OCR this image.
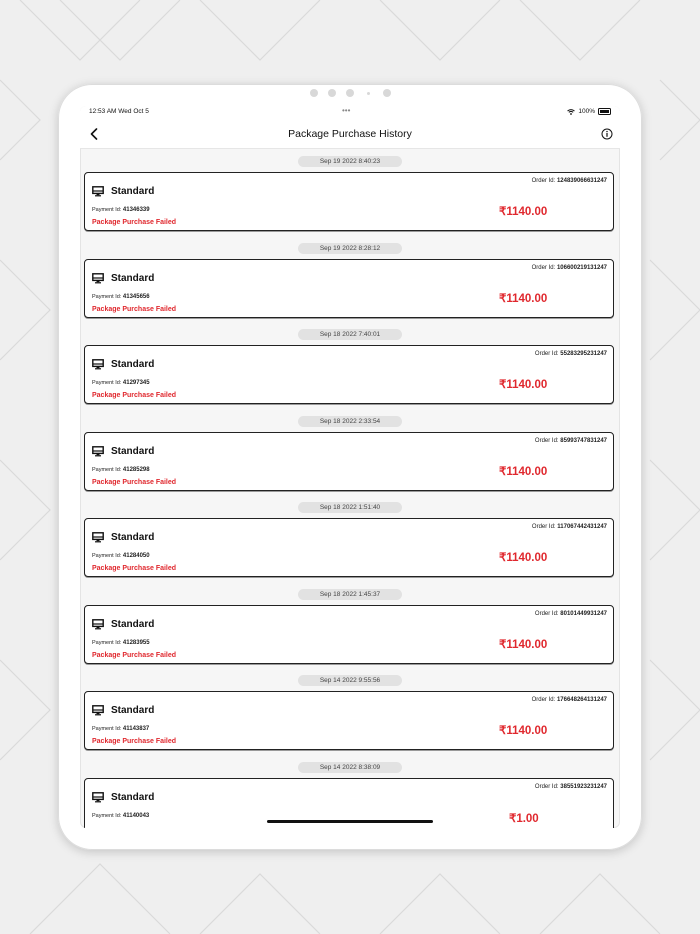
12:53 AM Wed Oct 5	•••	100%
Package Purchase History
Sep 19 2022 8:40:23
Standard
Order Id: 124839066631247
Payment Id: 41346339
Package Purchase Failed
₹1140.00
Sep 19 2022 8:28:12
Standard
Order Id: 106600219131247
Payment Id: 41345656
Package Purchase Failed
₹1140.00
Sep 18 2022 7:40:01
Standard
Order Id: 55283295231247
Payment Id: 41297345
Package Purchase Failed
₹1140.00
Sep 18 2022 2:33:54
Standard
Order Id: 85993747831247
Payment Id: 41285298
Package Purchase Failed
₹1140.00
Sep 18 2022 1:51:40
Standard
Order Id: 117067442431247
Payment Id: 41284050
Package Purchase Failed
₹1140.00
Sep 18 2022 1:45:37
Standard
Order Id: 80101449931247
Payment Id: 41283955
Package Purchase Failed
₹1140.00
Sep 14 2022 9:55:56
Standard
Order Id: 176648264131247
Payment Id: 41143837
Package Purchase Failed
₹1140.00
Sep 14 2022 8:38:09
Standard
Order Id: 38551923231247
Payment Id: 41140043	₹1.00
